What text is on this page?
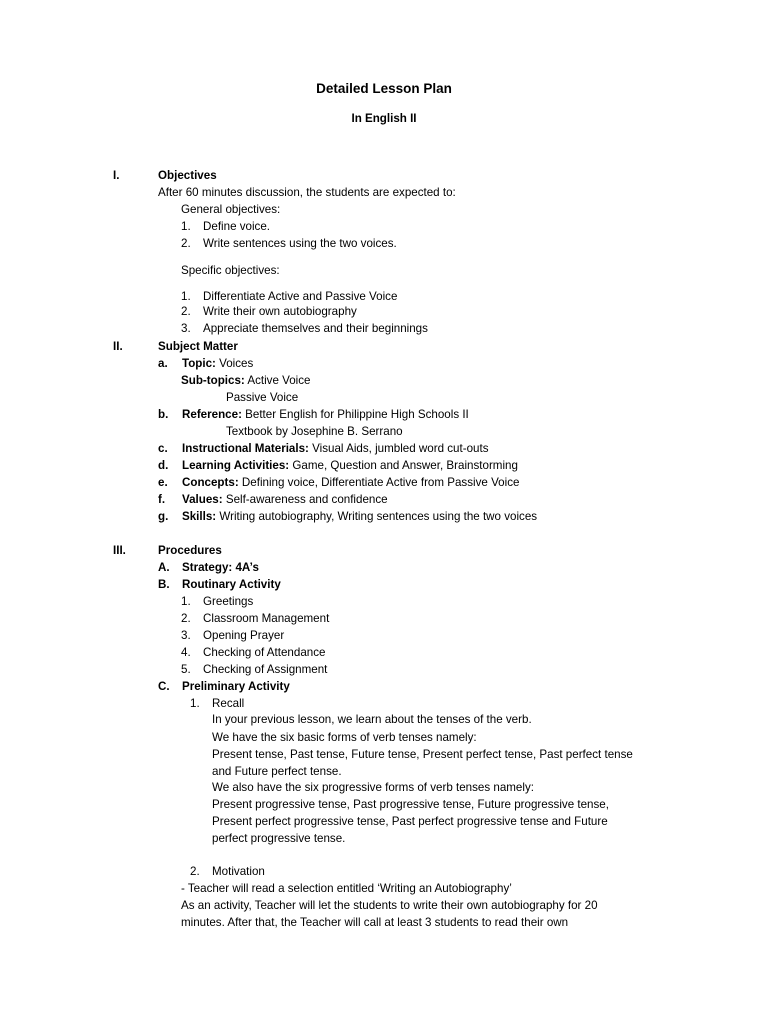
Detailed Lesson Plan
In English II
I.	Objectives
After 60 minutes discussion, the students are expected to:
General objectives:
1. Define voice.
2. Write sentences using the two voices.
Specific objectives:
1. Differentiate Active and Passive Voice
2. Write their own autobiography
3. Appreciate themselves and their beginnings
II.	Subject Matter
a. Topic: Voices
Sub-topics: Active Voice
Passive Voice
b. Reference: Better English for Philippine High Schools II
Textbook by Josephine B. Serrano
c. Instructional Materials: Visual Aids, jumbled word cut-outs
d. Learning Activities: Game, Question and Answer, Brainstorming
e. Concepts: Defining voice, Differentiate Active from Passive Voice
f. Values: Self-awareness and confidence
g. Skills: Writing autobiography, Writing sentences using the two voices
III.	Procedures
A. Strategy: 4A’s
B. Routinary Activity
1. Greetings
2. Classroom Management
3. Opening Prayer
4. Checking of Attendance
5. Checking of Assignment
C. Preliminary Activity
1. Recall
In your previous lesson, we learn about the tenses of the verb.
We have the six basic forms of verb tenses namely:
Present tense, Past tense, Future tense, Present perfect tense, Past perfect tense
and Future perfect tense.
We also have the six progressive forms of verb tenses namely:
Present progressive tense, Past progressive tense, Future progressive tense,
Present perfect progressive tense, Past perfect progressive tense and Future
perfect progressive tense.
2. Motivation
- Teacher will read a selection entitled ‘Writing an Autobiography’
As an activity, Teacher will let the students to write their own autobiography for 20
minutes. After that, the Teacher will call at least 3 students to read their own
